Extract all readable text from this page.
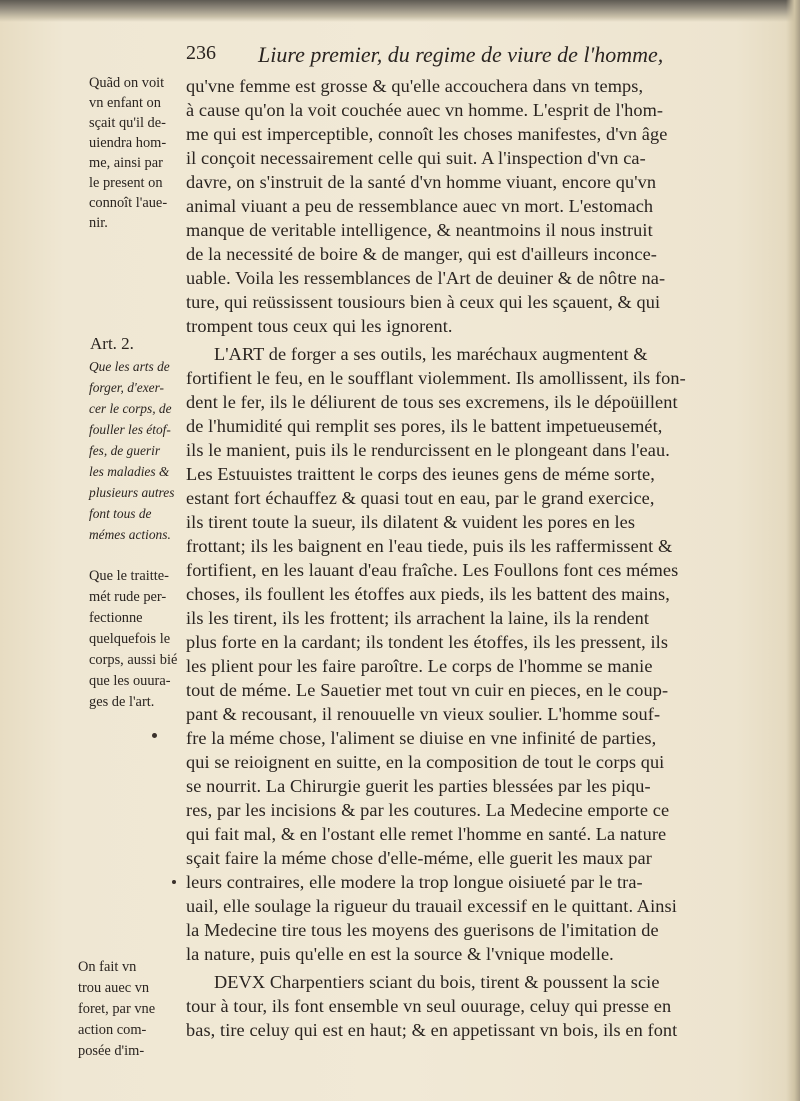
236 Liure premier, du regime de viure de l'homme,
qu'vne femme est grosse & qu'elle accouchera dans vn temps,
à cause qu'on la voit couchée auec vn homme. L'esprit de l'hom-
me qui est imperceptible, connoît les choses manifestes, d'vn âge
il conçoit necessairement celle qui suit. A l'inspection d'vn ca-
davre, on s'instruit de la santé d'vn homme viuant, encore qu'vn
animal viuant a peu de ressemblance auec vn mort. L'estomach
manque de veritable intelligence, & neantmoins il nous instruit
de la necessité de boire & de manger, qui est d'ailleurs inconce-
uable. Voila les ressemblances de l'Art de deuiner & de nôtre na-
ture, qui reüssissent tousiours bien à ceux qui les sçauent, & qui
trompent tous ceux qui les ignorent.
L'ART de forger a ses outils, les maréchaux augmentent &
fortifient le feu, en le soufflant violemment. Ils amollissent, ils fon-
dent le fer, ils le déliurent de tous ses excremens, ils le dépoüillent
de l'humidité qui remplit ses pores, ils le battent impetueusemét,
ils le manient, puis ils le rendurcissent en le plongeant dans l'eau.
Les Estuuistes traittent le corps des ieunes gens de méme sorte,
estant fort échauffez & quasi tout en eau, par le grand exercice,
ils tirent toute la sueur, ils dilatent & vuident les pores en les
frottant; ils les baignent en l'eau tiede, puis ils les raffermissent &
fortifient, en les lauant d'eau fraîche. Les Foullons font ces mémes
choses, ils foullent les étoffes aux pieds, ils les battent des mains,
ils les tirent, ils les frottent; ils arrachent la laine, ils la rendent
plus forte en la cardant; ils tondent les étoffes, ils les pressent, ils
les plient pour les faire paroître. Le corps de l'homme se manie
tout de méme. Le Sauetier met tout vn cuir en pieces, en le coup-
pant & recousant, il renouuelle vn vieux soulier. L'homme souf-
fre la méme chose, l'aliment se diuise en vne infinité de parties,
qui se reioignent en suitte, en la composition de tout le corps qui
se nourrit. La Chirurgie guerit les parties blessées par les piqu-
res, par les incisions & par les coutures. La Medecine emporte ce
qui fait mal, & en l'ostant elle remet l'homme en santé. La nature
sçait faire la méme chose d'elle-méme, elle guerit les maux par
leurs contraires, elle modere la trop longue oisiueté par le tra-
uail, elle soulage la rigueur du trauail excessif en le quittant. Ainsi
la Medecine tire tous les moyens des guerisons de l'imitation de
la nature, puis qu'elle en est la source & l'vnique modelle.
DEVX Charpentiers sciant du bois, tirent & poussent la scie
tour à tour, ils font ensemble vn seul ouurage, celuy qui presse en
bas, tire celuy qui est en haut; & en appetissant vn bois, ils en font
Art. 2.
Quãd on voit
vn enfant on
sçait qu'il de-
uiendra hom-
me, ainsi par
le present on
connoît l'aue-
nir.
Que les arts de
forger, d'exer-
cer le corps, de
fouller les étof-
fes, de guerir
les maladies &
plusieurs autres
font tous de
mémes actions.
Que le traitte-
mét rude per-
fectionne
quelquefois le
corps, aussi bié
que les ouura-
ges de l'art.
On fait vn
trou auec vn
foret, par vne
action com-
posée d'im-
